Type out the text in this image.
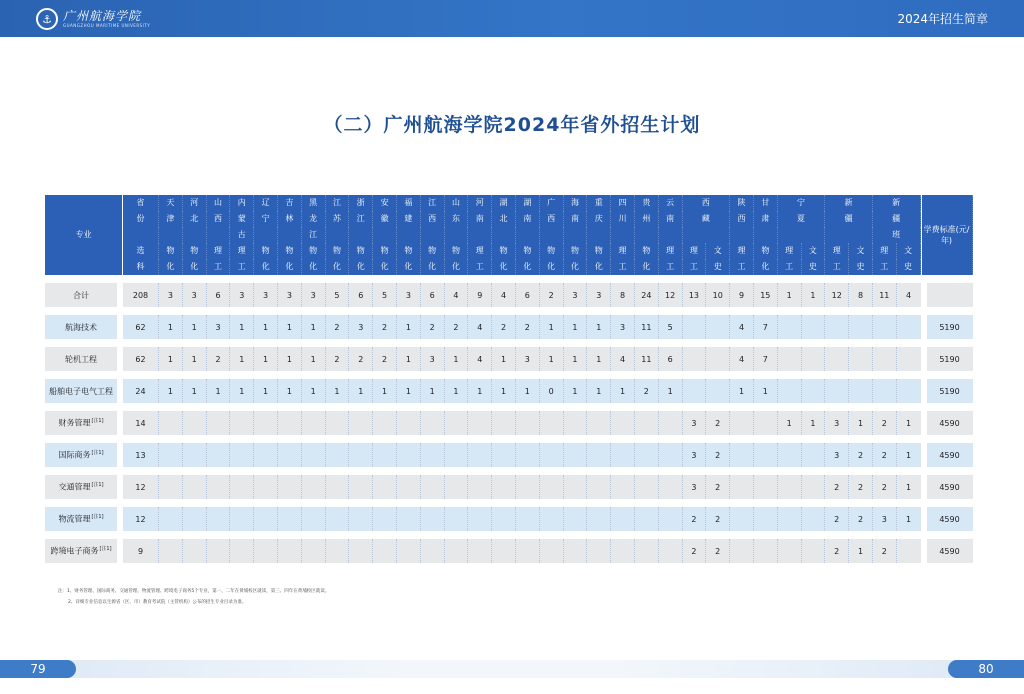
⚓ 广州航海学院
GUANGZHOU MARITIME UNIVERSITY	2024年招生简章
（二）广州航海学院2024年省外招生计划
专业	省	天	河	山	内	辽	吉	黑	江	浙	安	福	江	山	河	湖	湖	广	海	重	四	贵	云	西		陕	甘	宁		新		新		学费标准(元/年)
	份	津	北	西	蒙	宁	林	龙	苏	江	徽	建	西	东	南	北	南	西	南	庆	川	州	南	藏		西	肃	夏		疆		疆		
					古			江																								班		
	选	物	物	理	理	物	物	物	物	物	物	物	物	物	理	物	物	物	物	物	理	物	理	理	文	理	物	理	文	理	文	理	文	
	科	化	化	工	工	化	化	化	化	化	化	化	化	化	工	化	化	化	化	化	工	化	工	工	史	工	化	工	史	工	史	工	史	

合计	208	3	3	6	3	3	3	3	5	6	5	3	6	4	9	4	6	2	3	3	8	24	12	13	10	9	15	1	1	12	8	11	4	

航海技术	62	1	1	3	1	1	1	1	2	3	2	1	2	2	4	2	2	1	1	1	3	11	5			4	7							5190

轮机工程	62	1	1	2	1	1	1	1	2	2	2	1	3	1	4	1	3	1	1	1	4	11	6			4	7							5190

船舶电子电气工程	24	1	1	1	1	1	1	1	1	1	1	1	1	1	1	1	1	0	1	1	1	2	1			1	1							5190

财务管理[注1]	14																							3	2			1	1	3	1	2	1	4590

国际商务[注1]	13																							3	2					3	2	2	1	4590

交通管理[注1]	12																							3	2					2	2	2	1	4590

物流管理[注1]	12																							2	2					2	2	3	1	4590

跨境电子商务[注1]	9																							2	2					2	1	2		4590
注：1、财务管理、国际商务、交通管理、物流管理、跨境电子商务5个专业，第一、二年在黄埔校区就读，第三、四年在黄埔校区就读。
2、详细专业信息以生源省（区、市）教育考试院（主管机构）公布的招生专业目录为准。
79	80
